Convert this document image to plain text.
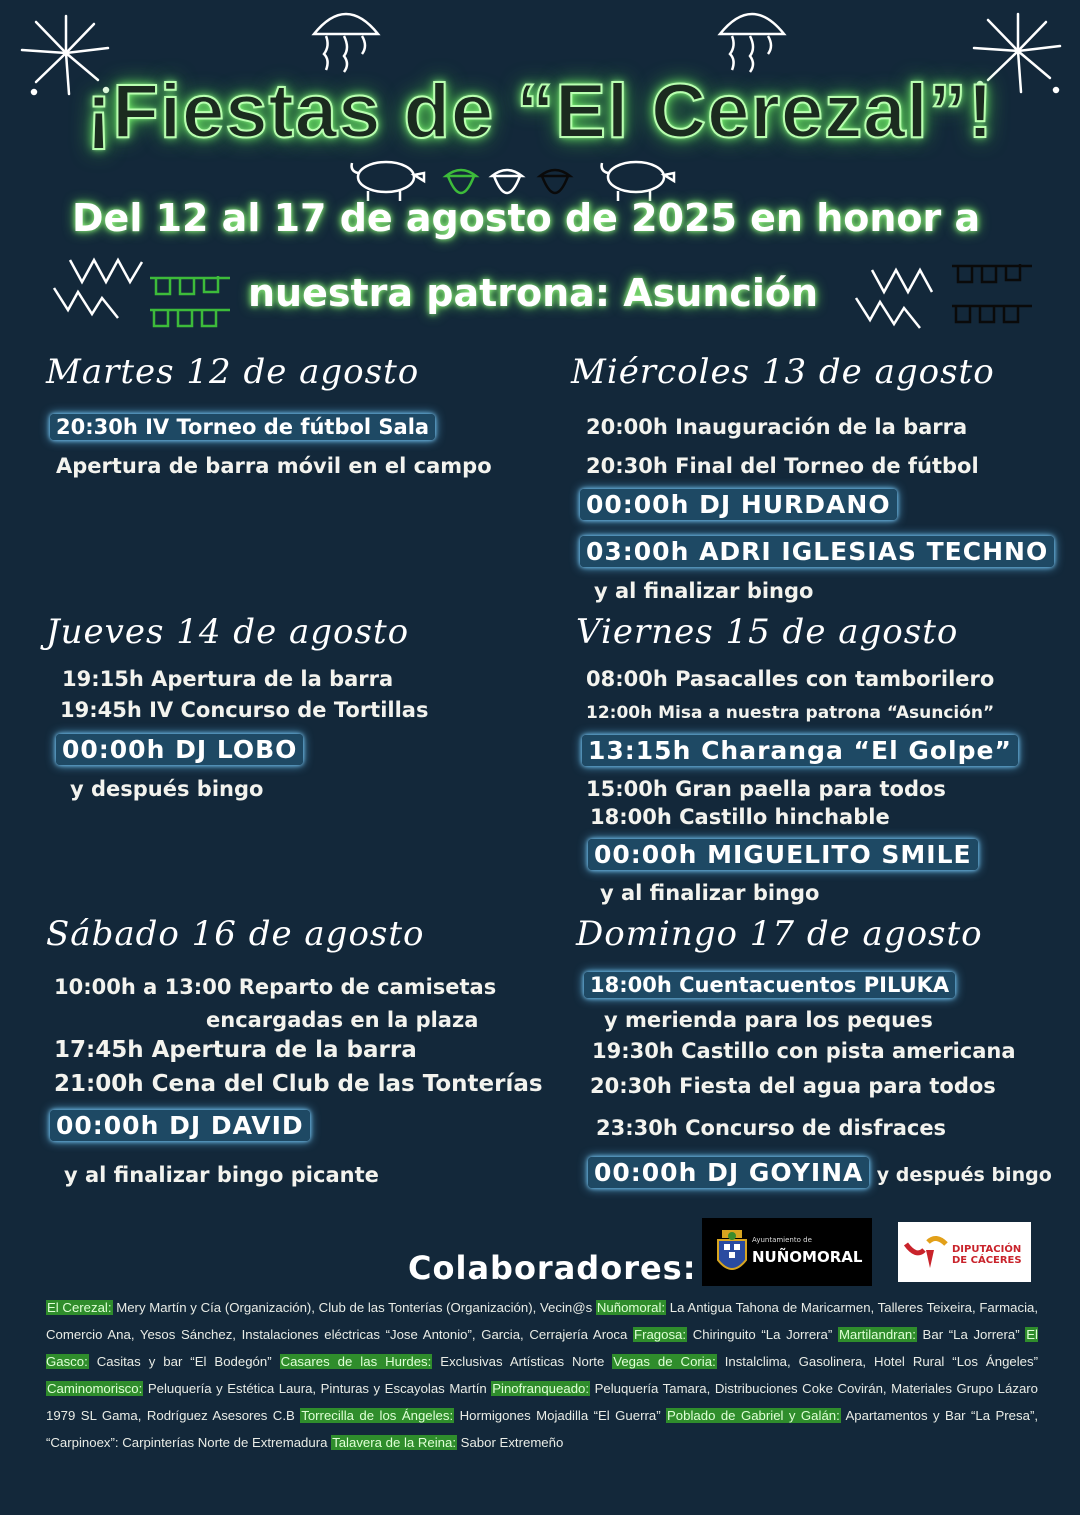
¡Fiestas de “El Cerezal”!
Del 12 al 17 de agosto de 2025 en honor a
nuestra patrona: Asunción
Martes 12 de agosto
20:30h IV Torneo de fútbol Sala
Apertura de barra móvil en el campo
Miércoles 13 de agosto
20:00h Inauguración de la barra
20:30h Final del Torneo de fútbol
00:00h DJ HURDANO
03:00h ADRI IGLESIAS TECHNO
y al finalizar bingo
Jueves 14 de agosto
19:15h Apertura de la barra
19:45h IV Concurso de Tortillas
00:00h DJ LOBO
y después bingo
Viernes 15 de agosto
08:00h Pasacalles con tamborilero
12:00h Misa a nuestra patrona “Asunción”
13:15h Charanga “El Golpe”
15:00h Gran paella para todos
18:00h Castillo hinchable
00:00h MIGUELITO SMILE
y al finalizar bingo
Sábado 16 de agosto
10:00h a 13:00 Reparto de camisetas
encargadas en la plaza
17:45h Apertura de la barra
21:00h Cena del Club de las Tonterías
00:00h DJ DAVID
y al finalizar bingo picante
Domingo 17 de agosto
18:00h Cuentacuentos PILUKA
y merienda para los peques
19:30h Castillo con pista americana
20:30h Fiesta del agua para todos
23:30h Concurso de disfraces
00:00h DJ GOYINA y después bingo
Colaboradores:
Ayuntamiento de
NUÑOMORAL	DIPUTACIÓN DE CÁCERES
El Cerezal: Mery Martín y Cía (Organización), Club de las Tonterías (Organización), Vecin@s Nuñomoral: La Antigua Tahona de Maricarmen, Talleres Teixeira, Farmacia, Comercio Ana, Yesos Sánchez, Instalaciones eléctricas “Jose Antonio”, Garcia, Cerrajería Aroca Fragosa: Chiringuito “La Jorrera” Martilandran: Bar “La Jorrera” El Gasco: Casitas y bar “El Bodegón” Casares de las Hurdes: Exclusivas Artísticas Norte Vegas de Coria: Instalclima, Gasolinera, Hotel Rural “Los Ángeles” Caminomorisco: Peluquería y Estética Laura, Pinturas y Escayolas Martín Pinofranqueado: Peluquería Tamara, Distribuciones Coke Covirán, Materiales Grupo Lázaro 1979 SL Gama, Rodríguez Asesores C.B Torrecilla de los Ángeles: Hormigones Mojadilla “El Guerra” Poblado de Gabriel y Galán: Apartamentos y Bar “La Presa”, “Carpinoex”: Carpinterías Norte de Extremadura Talavera de la Reina: Sabor Extremeño
